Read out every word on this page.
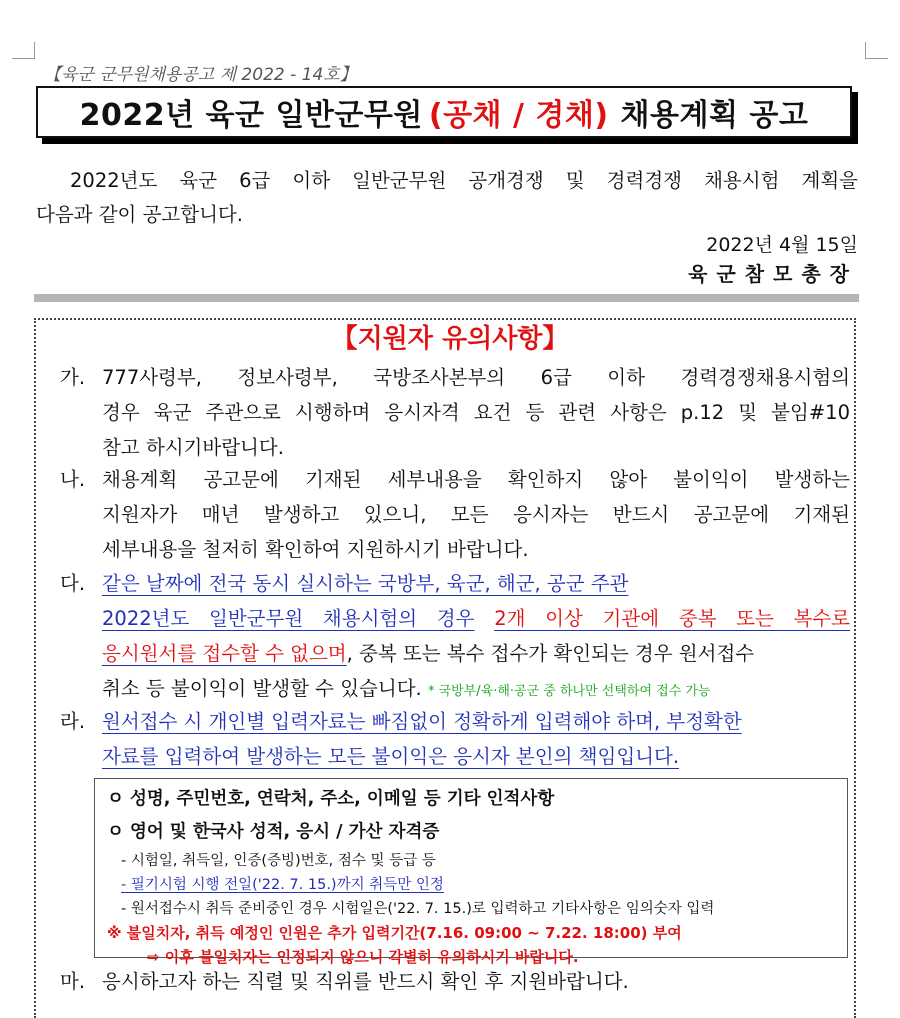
【육군 군무원채용공고 제 2022 - 14호】
2022년 육군 일반군무원 (공채 / 경채) 채용계획 공고
2022년도 육군 6급 이하 일반군무원 공개경쟁 및 경력경쟁 채용시험 계획을
다음과 같이 공고합니다.
2022년 4월 15일
육군참모총장
【지원자 유의사항】
가. 777사령부, 정보사령부, 국방조사본부의 6급 이하 경력경쟁채용시험의
경우 육군 주관으로 시행하며 응시자격 요건 등 관련 사항은 p.12 및 붙임#10
참고 하시기바랍니다.
나. 채용계획 공고문에 기재된 세부내용을 확인하지 않아 불이익이 발생하는
지원자가 매년 발생하고 있으니, 모든 응시자는 반드시 공고문에 기재된
세부내용을 철저히 확인하여 지원하시기 바랍니다.
다. 같은 날짜에 전국 동시 실시하는 국방부, 육군, 해군, 공군 주관
2022년도 일반군무원 채용시험의 경우 2개 이상 기관에 중복 또는 복수로
응시원서를 접수할 수 없으며, 중복 또는 복수 접수가 확인되는 경우 원서접수
취소 등 불이익이 발생할 수 있습니다. * 국방부/육·해·공군 중 하나만 선택하여 접수 가능
라. 원서접수 시 개인별 입력자료는 빠짐없이 정확하게 입력해야 하며, 부정확한
자료를 입력하여 발생하는 모든 불이익은 응시자 본인의 책임입니다.
ㅇ 성명, 주민번호, 연락처, 주소, 이메일 등 기타 인적사항
ㅇ 영어 및 한국사 성적, 응시 / 가산 자격증
- 시험일, 취득일, 인증(증빙)번호, 점수 및 등급 등
- 필기시험 시행 전일('22. 7. 15.)까지 취득만 인정
- 원서접수시 취득 준비중인 경우 시험일은('22. 7. 15.)로 입력하고 기타사항은 임의숫자 입력
※ 불일치자, 취득 예정인 인원은 추가 입력기간(7.16. 09:00 ~ 7.22. 18:00) 부여
⇨ 이후 불일치자는 인정되지 않으니 각별히 유의하시기 바랍니다.
마. 응시하고자 하는 직렬 및 직위를 반드시 확인 후 지원바랍니다.
